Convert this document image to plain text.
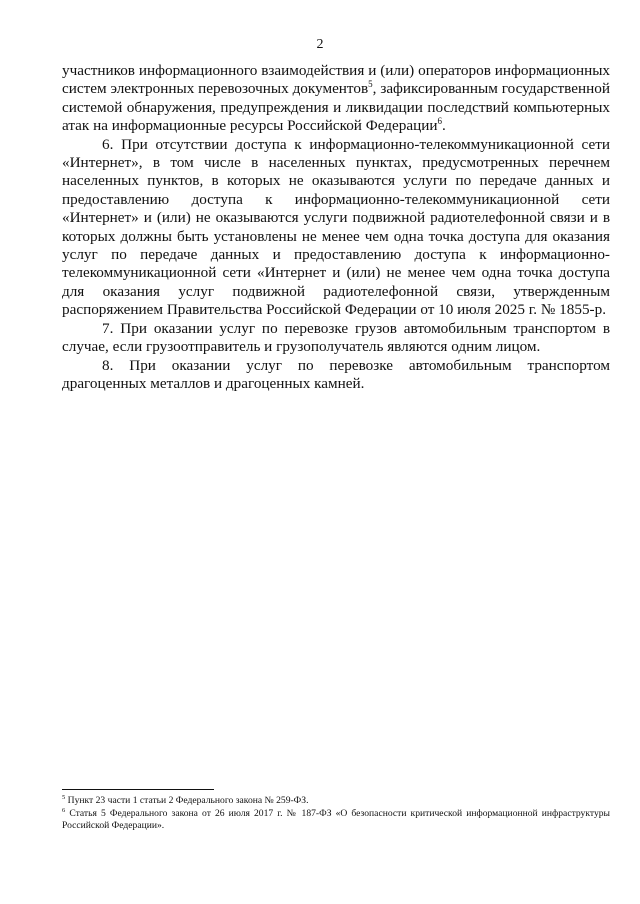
2

участников информационного взаимодействия и (или) операторов информационных систем электронных перевозочных документов$^5$, зафиксированным государственной системой обнаружения, предупреждения и ликвидации последствий компьютерных атак на информационные ресурсы Российской Федерации$^6$.

6. При отсутствии доступа к информационно-телекоммуникационной сети «Интернет», в том числе в населенных пунктах, предусмотренных перечнем населенных пунктов, в которых не оказываются услуги по передаче данных и предоставлению доступа к информационно-телекоммуникационной сети «Интернет» и (или) не оказываются услуги подвижной радиотелефонной связи и в которых должны быть установлены не менее чем одна точка доступа для оказания услуг по передаче данных и предоставлению доступа к информационно-телекоммуникационной сети «Интернет и (или) не менее чем одна точка доступа для оказания услуг подвижной радиотелефонной связи, утвержденным распоряжением Правительства Российской Федерации от 10 июля 2025 г. № 1855-р.

7. При оказании услуг по перевозке грузов автомобильным транспортом в случае, если грузоотправитель и грузополучатель являются одним лицом.

8. При оказании услуг по перевозке автомобильным транспортом драгоценных металлов и драгоценных камней.

$^5$ Пункт 23 части 1 статьи 2 Федерального закона № 259-ФЗ.

$^6$ Статья 5 Федерального закона от 26 июля 2017 г. № 187-ФЗ «О безопасности критической информационной инфраструктуры Российской Федерации».
